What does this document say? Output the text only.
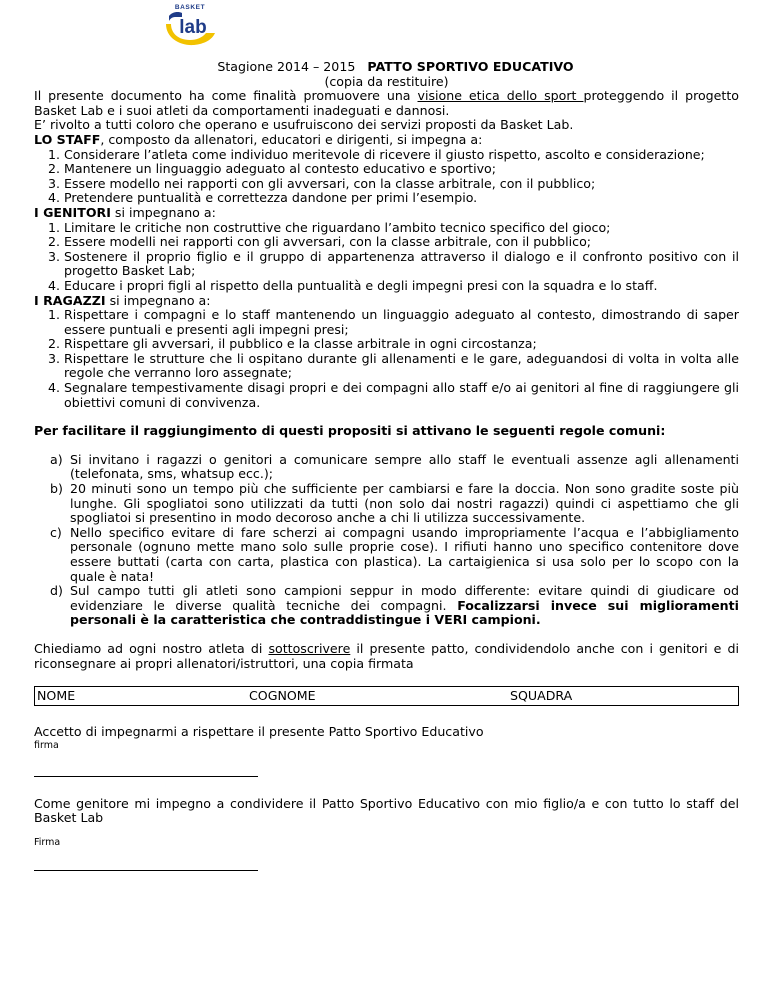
BASKET
lab
Stagione 2014 – 2015 PATTO SPORTIVO EDUCATIVO
(copia da restituire)

Il presente documento ha come finalità promuovere una visione etica dello sport proteggendo il progetto Basket Lab e i suoi atleti da comportamenti inadeguati e dannosi.

E’ rivolto a tutti coloro che operano e usufruiscono dei servizi proposti da Basket Lab.

LO STAFF, composto da allenatori, educatori e dirigenti, si impegna a:

1. Considerare l’atleta come individuo meritevole di ricevere il giusto rispetto, ascolto e considerazione;
2. Mantenere un linguaggio adeguato al contesto educativo e sportivo;
3. Essere modello nei rapporti con gli avversari, con la classe arbitrale, con il pubblico;
4. Pretendere puntualità e correttezza dandone per primi l’esempio.

I GENITORI si impegnano a:

1. Limitare le critiche non costruttive che riguardano l’ambito tecnico specifico del gioco;
2. Essere modelli nei rapporti con gli avversari, con la classe arbitrale, con il pubblico;
3. Sostenere il proprio figlio e il gruppo di appartenenza attraverso il dialogo e il confronto positivo con il progetto Basket Lab;
4. Educare i propri figli al rispetto della puntualità e degli impegni presi con la squadra e lo staff.

I RAGAZZI si impegnano a:

1. Rispettare i compagni e lo staff mantenendo un linguaggio adeguato al contesto, dimostrando di saper essere puntuali e presenti agli impegni presi;
2. Rispettare gli avversari, il pubblico e la classe arbitrale in ogni circostanza;
3. Rispettare le strutture che li ospitano durante gli allenamenti e le gare, adeguandosi di volta in volta alle regole che verranno loro assegnate;
4. Segnalare tempestivamente disagi propri e dei compagni allo staff e/o ai genitori al fine di raggiungere gli obiettivi comuni di convivenza.

Per facilitare il raggiungimento di questi propositi si attivano le seguenti regole comuni:

a) Si invitano i ragazzi o genitori a comunicare sempre allo staff le eventuali assenze agli allenamenti (telefonata, sms, whatsup ecc.);
b) 20 minuti sono un tempo più che sufficiente per cambiarsi e fare la doccia. Non sono gradite soste più lunghe. Gli spogliatoi sono utilizzati da tutti (non solo dai nostri ragazzi) quindi ci aspettiamo che gli spogliatoi si presentino in modo decoroso anche a chi li utilizza successivamente.
c) Nello specifico evitare di fare scherzi ai compagni usando impropriamente l’acqua e l’abbigliamento personale (ognuno mette mano solo sulle proprie cose). I rifiuti hanno uno specifico contenitore dove essere buttati (carta con carta, plastica con plastica). La cartaigienica si usa solo per lo scopo con la quale è nata!
d) Sul campo tutti gli atleti sono campioni seppur in modo differente: evitare quindi di giudicare od evidenziare le diverse qualità tecniche dei compagni. Focalizzarsi invece sui miglioramenti personali è la caratteristica che contraddistingue i VERI campioni.

Chiediamo ad ogni nostro atleta di sottoscrivere il presente patto, condividendolo anche con i genitori e di riconsegnare ai propri allenatori/istruttori, una copia firmata

NOME	COGNOME	SQUADRA

Accetto di impegnarmi a rispettare il presente Patto Sportivo Educativo

firma

Come genitore mi impegno a condividere il Patto Sportivo Educativo con mio figlio/a e con tutto lo staff del Basket Lab

Firma
